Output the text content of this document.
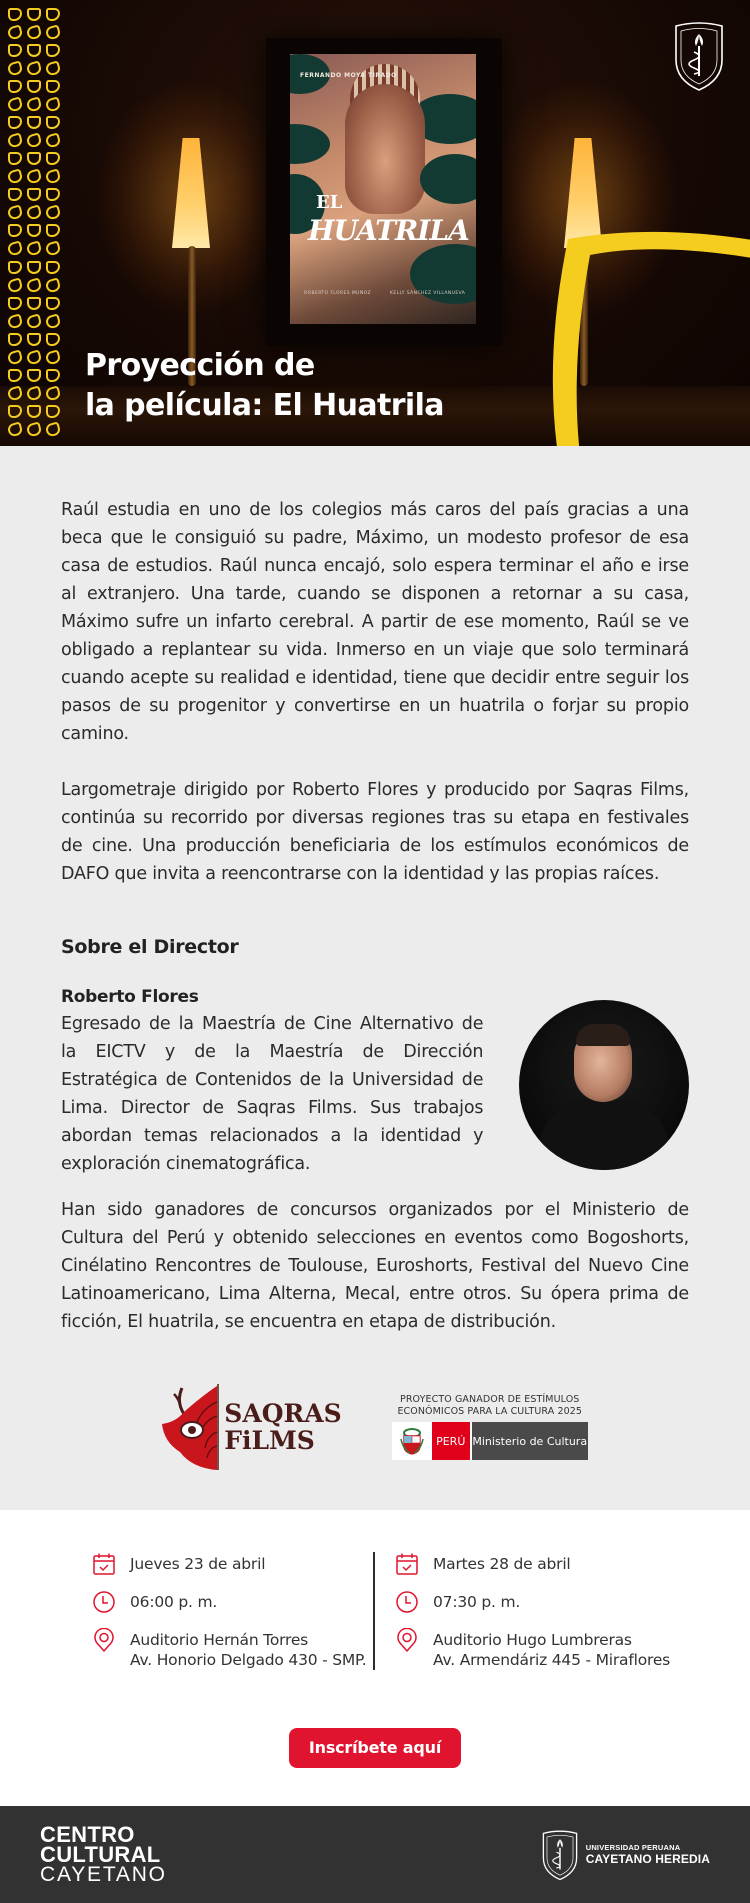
FERNANDO MOYA TIRADO
EL
HUATRILA
ROBERTO FLORES MUÑOZ	KELLY SÁNCHEZ VILLANUEVA
Proyección de
la película: El Huatrila

Raúl estudia en uno de los colegios más caros del país gracias a una beca que le consiguió su padre, Máximo, un modesto profesor de esa casa de estudios. Raúl nunca encajó, solo espera terminar el año e irse al extranjero. Una tarde, cuando se disponen a retornar a su casa, Máximo sufre un infarto cerebral. A partir de ese momento, Raúl se ve obligado a replantear su vida. Inmerso en un viaje que solo terminará cuando acepte su realidad e identidad, tiene que decidir entre seguir los pasos de su progenitor y convertirse en un huatrila o forjar su propio camino.

Largometraje dirigido por Roberto Flores y producido por Saqras Films, continúa su recorrido por diversas regiones tras su etapa en festivales de cine. Una producción beneficiaria de los estímulos económicos de DAFO que invita a reencontrarse con la identidad y las propias raíces.

Sobre el Director
Roberto Flores

Egresado de la Maestría de Cine Alternativo de la EICTV y de la Maestría de Dirección Estratégica de Contenidos de la Universidad de Lima. Director de Saqras Films. Sus trabajos abordan temas relacionados a la identidad y exploración cinematográfica.

Han sido ganadores de concursos organizados por el Ministerio de Cultura del Perú y obtenido selecciones en eventos como Bogoshorts, Cinélatino Rencontres de Toulouse, Euroshorts, Festival del Nuevo Cine Latinoamericano, Lima Alterna, Mecal, entre otros. Su ópera prima de ficción, El huatrila, se encuentra en etapa de distribución.

SAQRAS
FiLMS
PROYECTO GANADOR DE ESTÍMULOS
ECONÓMICOS PARA LA CULTURA 2025
PERÚ Ministerio de Cultura
Jueves 23 de abril
06:00 p. m.
Auditorio Hernán Torres
Av. Honorio Delgado 430 - SMP.
Martes 28 de abril
07:30 p. m.
Auditorio Hugo Lumbreras
Av. Armendáriz 445 - Miraflores
Inscríbete aquí
CENTRO
CULTURAL
CAYETANO
UNIVERSIDAD PERUANA
CAYETANO HEREDIA
